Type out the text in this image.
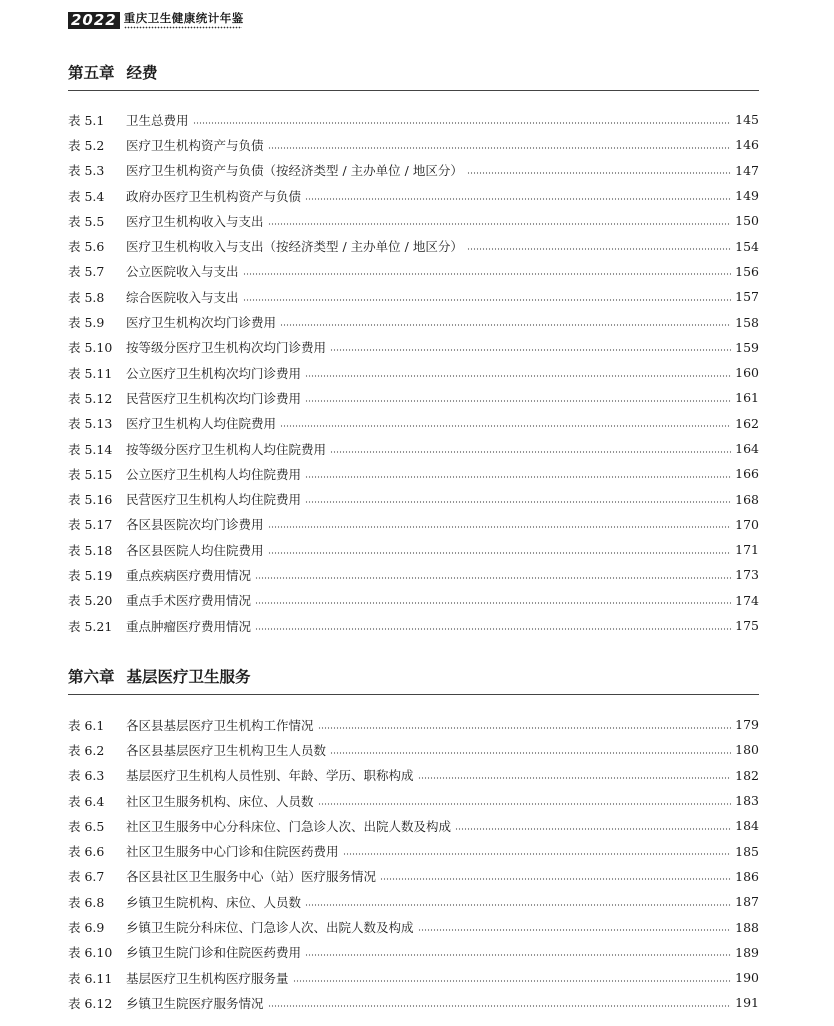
2022 重庆卫生健康统计年鉴
第五章 经费
表 5.1	卫生总费用	145
表 5.2	医疗卫生机构资产与负债	146
表 5.3	医疗卫生机构资产与负债（按经济类型 / 主办单位 / 地区分）	147
表 5.4	政府办医疗卫生机构资产与负债	149
表 5.5	医疗卫生机构收入与支出	150
表 5.6	医疗卫生机构收入与支出（按经济类型 / 主办单位 / 地区分）	154
表 5.7	公立医院收入与支出	156
表 5.8	综合医院收入与支出	157
表 5.9	医疗卫生机构次均门诊费用	158
表 5.10	按等级分医疗卫生机构次均门诊费用	159
表 5.11	公立医疗卫生机构次均门诊费用	160
表 5.12	民营医疗卫生机构次均门诊费用	161
表 5.13	医疗卫生机构人均住院费用	162
表 5.14	按等级分医疗卫生机构人均住院费用	164
表 5.15	公立医疗卫生机构人均住院费用	166
表 5.16	民营医疗卫生机构人均住院费用	168
表 5.17	各区县医院次均门诊费用	170
表 5.18	各区县医院人均住院费用	171
表 5.19	重点疾病医疗费用情况	173
表 5.20	重点手术医疗费用情况	174
表 5.21	重点肿瘤医疗费用情况	175
第六章 基层医疗卫生服务
表 6.1	各区县基层医疗卫生机构工作情况	179
表 6.2	各区县基层医疗卫生机构卫生人员数	180
表 6.3	基层医疗卫生机构人员性别、年龄、学历、职称构成	182
表 6.4	社区卫生服务机构、床位、人员数	183
表 6.5	社区卫生服务中心分科床位、门急诊人次、出院人数及构成	184
表 6.6	社区卫生服务中心门诊和住院医药费用	185
表 6.7	各区县社区卫生服务中心（站）医疗服务情况	186
表 6.8	乡镇卫生院机构、床位、人员数	187
表 6.9	乡镇卫生院分科床位、门急诊人次、出院人数及构成	188
表 6.10	乡镇卫生院门诊和住院医药费用	189
表 6.11	基层医疗卫生机构医疗服务量	190
表 6.12	乡镇卫生院医疗服务情况	191
